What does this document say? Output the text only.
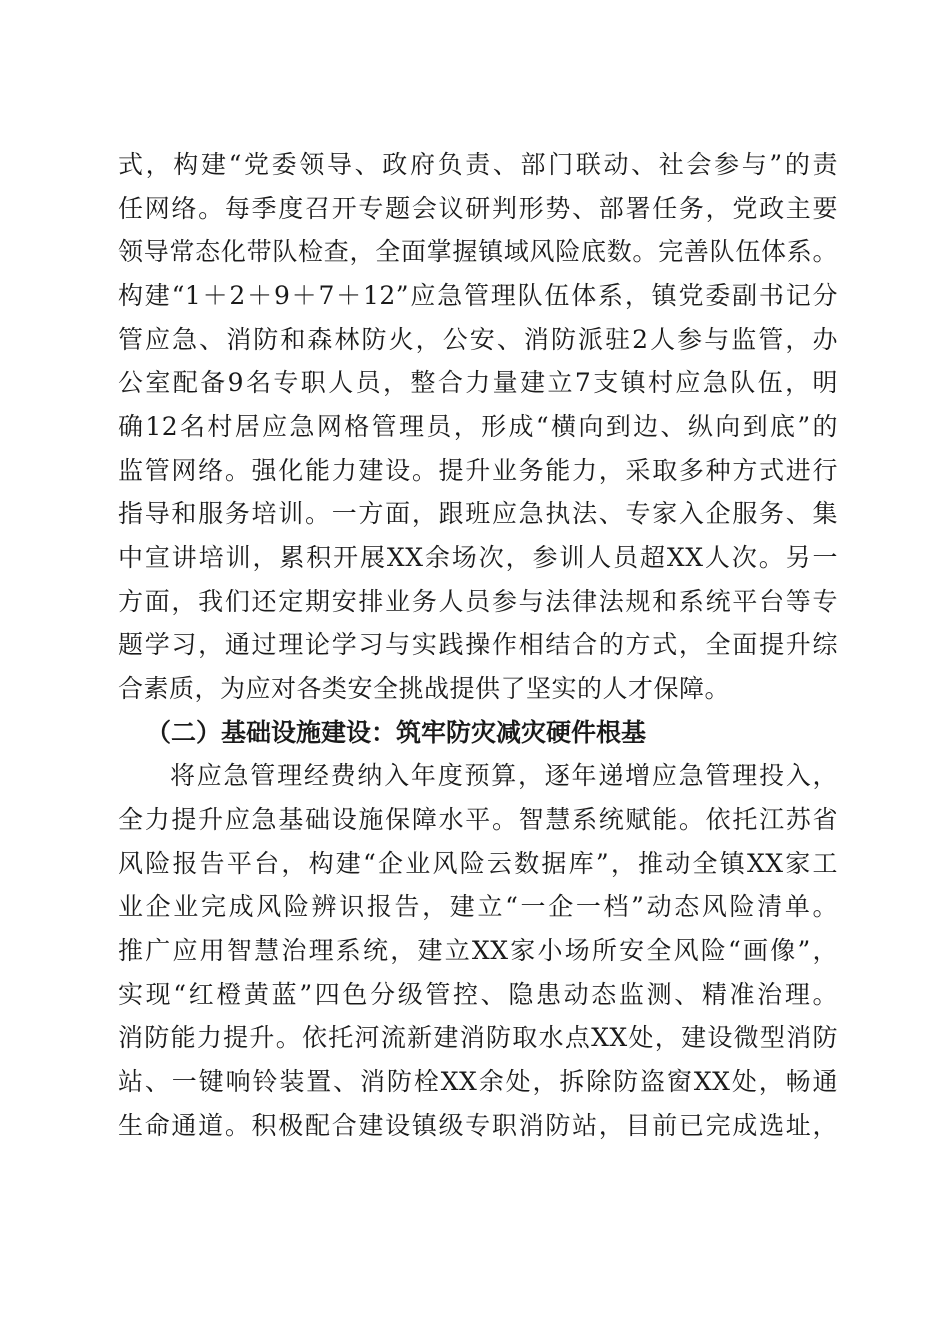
式，构建“党委领导、政府负责、部门联动、社会参与”的责
任网络。每季度召开专题会议研判形势、部署任务，党政主要
领导常态化带队检查，全面掌握镇域风险底数。完善队伍体系。
构建“1＋2＋9＋7＋12”应急管理队伍体系，镇党委副书记分
管应急、消防和森林防火，公安、消防派驻2人参与监管，办
公室配备9名专职人员，整合力量建立7支镇村应急队伍，明
确12名村居应急网格管理员，形成“横向到边、纵向到底”的
监管网络。强化能力建设。提升业务能力，采取多种方式进行
指导和服务培训。一方面，跟班应急执法、专家入企服务、集
中宣讲培训，累积开展XX余场次，参训人员超XX人次。另一
方面，我们还定期安排业务人员参与法律法规和系统平台等专
题学习，通过理论学习与实践操作相结合的方式，全面提升综
合素质，为应对各类安全挑战提供了坚实的人才保障。
（二）基础设施建设：筑牢防灾减灾硬件根基
将应急管理经费纳入年度预算，逐年递增应急管理投入，
全力提升应急基础设施保障水平。智慧系统赋能。依托江苏省
风险报告平台，构建“企业风险云数据库”，推动全镇XX家工
业企业完成风险辨识报告，建立“一企一档”动态风险清单。
推广应用智慧治理系统，建立XX家小场所安全风险“画像”，
实现“红橙黄蓝”四色分级管控、隐患动态监测、精准治理。
消防能力提升。依托河流新建消防取水点XX处，建设微型消防
站、一键响铃装置、消防栓XX余处，拆除防盗窗XX处，畅通
生命通道。积极配合建设镇级专职消防站，目前已完成选址，
